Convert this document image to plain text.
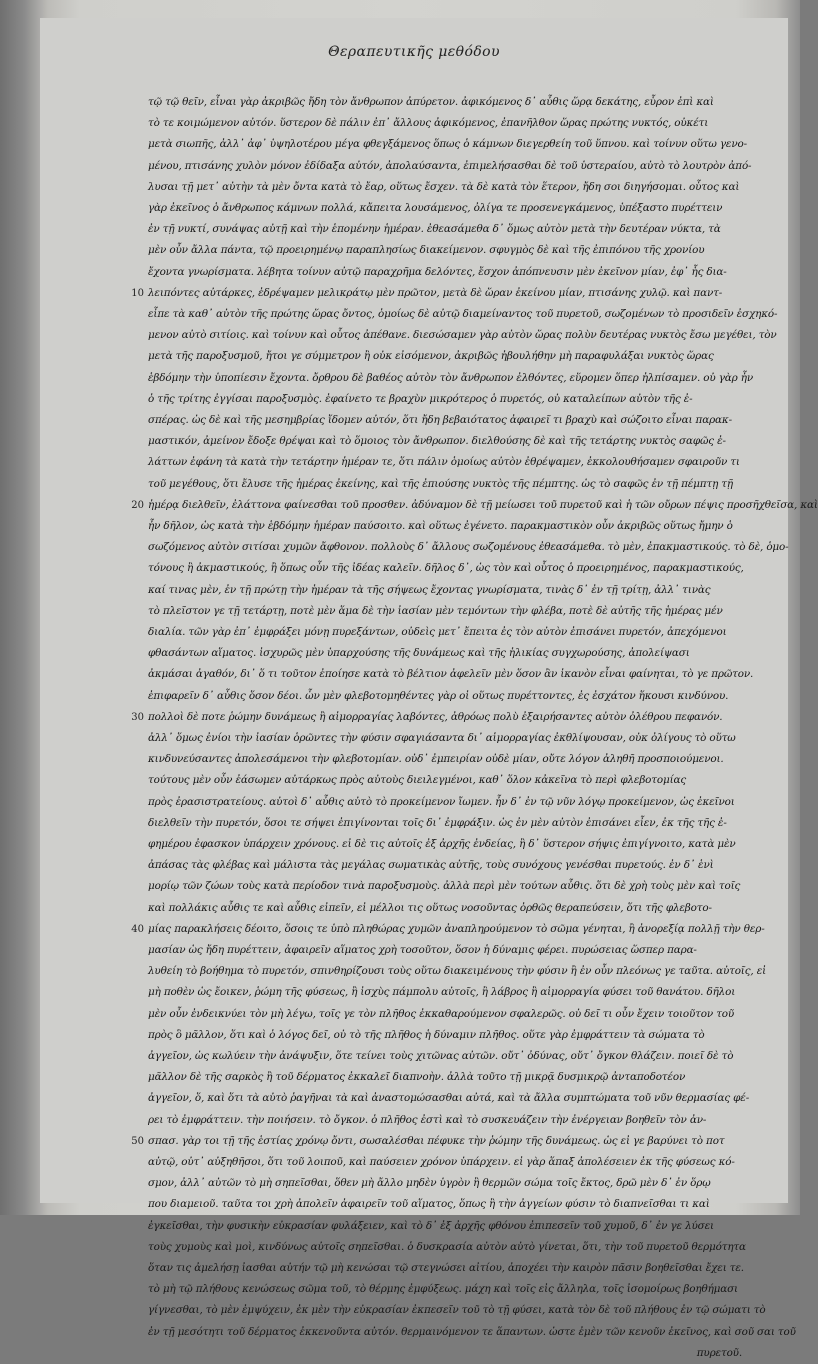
Θεραπευτικῆς μεθόδου
τῷ τῷ θεῖν, εἶναι γὰρ ἀκριβῶς ἤδη τὸν ἄνθρωπον ἀπύρετον. ἀφικόμενος δ᾽ αὖθις ὥρᾳ δεκάτης, εὗρον ἐπὶ καὶ
τὸ τε κοιμώμενον αὐτόν. ὕστερον δὲ πάλιν ἐπ᾽ ἄλλους ἀφικόμενος, ἐπανῆλθον ὥρας πρώτης νυκτός, οὐκέτι
μετὰ σιωπῆς, ἀλλ᾽ ἀφ᾽ ὑψηλοτέρου μέγα φθεγξάμενος ὅπως ὁ κάμνων διεγερθείη τοῦ ὕπνου. καὶ τοίνυν οὕτω γενο-
μένου, πτισάνης χυλὸν μόνον ἐδίδαξα αὐτόν, ἀπολαύσαντα, ἐπιμελήσασθαι δὲ τοῦ ὑστεραίου, αὐτὸ τὸ λουτρὸν ἀπό-
λυσαι τῇ μετ᾽ αὐτὴν τὰ μὲν ὄντα κατὰ τὸ ἔαρ, οὕτως ἔσχεν. τὰ δὲ κατὰ τὸν ἕτερον, ἤδη σοι διηγήσομαι. οὗτος καὶ
γὰρ ἐκεῖνος ὁ ἄνθρωπος κάμνων πολλά, κἄπειτα λουσάμενος, ὀλίγα τε προσενεγκάμενος, ὑπέξαστο πυρέττειν
ἐν τῇ νυκτί, συνάψας αὐτῇ καὶ τὴν ἑπομένην ἡμέραν. ἐθεασάμεθα δ᾽ ὅμως αὐτὸν μετὰ τὴν δευτέραν νύκτα, τὰ
μὲν οὖν ἄλλα πάντα, τῷ προειρημένῳ παραπλησίως διακείμενον. σφυγμὸς δὲ καὶ τῆς ἐπιπόνου τῆς χρονίου
ἔχοντα γνωρίσματα. λέβητα τοίνυν αὐτῷ παραχρῆμα δελόντες, ἔσχον ἀπόπνευσιν μὲν ἐκεῖνον μίαν, ἐφ᾽ ἧς δια-
λειπόντες αὐτάρκες, ἐδρέψαμεν μελικράτῳ μὲν πρῶτον, μετὰ δὲ ὥραν ἐκείνου μίαν, πτισάνης χυλῷ. καὶ παντ-
10
εἶπε τὰ καθ᾽ αὐτὸν τῆς πρώτης ὥρας ὄντος, ὁμοίως δὲ αὐτῷ διαμείναντος τοῦ πυρετοῦ, σωζομένων τὸ προσιδεῖν ἐσχηκό-
μενον αὐτὸ σιτίοις. καὶ τοίνυν καὶ οὗτος ἀπέθανε. διεσώσαμεν γὰρ αὐτὸν ὥρας πολὺν δευτέρας νυκτὸς ἔσω μεγέθει, τὸν
μετὰ τῆς παροξυσμοῦ, ἤτοι γε σύμμετρον ἢ οὐκ εἰσόμενον, ἀκριβῶς ἠβουλήθην μὴ παραφυλάξαι νυκτὸς ὥρας
ἑβδόμην τὴν ὑποπίεσιν ἔχοντα. ὄρθρου δὲ βαθέος αὐτὸν τὸν ἄνθρωπον ἐλθόντες, εὕρομεν ὅπερ ἠλπίσαμεν. οὐ γὰρ ἦν
ὁ τῆς τρίτης ἐγγίσαι παροξυσμὸς. ἐφαίνετο τε βραχὺν μικρότερος ὁ πυρετός, οὐ καταλείπων αὐτὸν τῆς ἐ-
σπέρας. ὡς δὲ καὶ τῆς μεσημβρίας ἴδομεν αὐτόν, ὅτι ἤδη βεβαιότατος ἀφαιρεῖ τι βραχὺ καὶ σώζοιτο εἶναι παρακ-
μαστικόν, ἀμείνον ἔδοξε θρέψαι καὶ τὸ ὅμοιος τὸν ἄνθρωπον. διελθούσης δὲ καὶ τῆς τετάρτης νυκτὸς σαφῶς ἐ-
λάττων ἐφάνη τὰ κατὰ τὴν τετάρτην ἡμέραν τε, ὅτι πάλιν ὁμοίως αὐτὸν ἐθρέψαμεν, ἐκκολουθήσαμεν σφαιροῦν τι
τοῦ μεγέθους, ὅτι ἔλυσε τῆς ἡμέρας ἐκείνης, καὶ τῆς ἐπιούσης νυκτὸς τῆς πέμπτης. ὡς τὸ σαφῶς ἐν τῇ πέμπτῃ τῇ
ἡμέρᾳ διελθεῖν, ἐλάττονα φαίνεσθαι τοῦ προσθεν. ἀδύναμον δὲ τῇ μείωσει τοῦ πυρετοῦ καὶ ἡ τῶν οὔρων πέψις προσῆχθεῖσα, καὶ
20
ἦν δῆλον, ὡς κατὰ τὴν ἑβδόμην ἡμέραν παύσοιτο. καὶ οὕτως ἐγένετο. παρακμαστικὸν οὖν ἀκριβῶς οὕτως ἤμην ὁ
σωζόμενος αὐτὸν σιτίσαι χυμῶν ἄφθονον. πολλοὺς δ᾽ ἄλλους σωζομένους ἐθεασάμεθα. τὸ μὲν, ἐπακμαστικούς. τὸ δὲ, ὁμο-
τόνους ἢ ἀκμαστικούς, ἢ ὅπως οὖν τῆς ἰδέας καλεῖν. δῆλος δ᾽, ὡς τὸν καὶ οὗτος ὁ προειρημένος, παρακμαστικούς,
καί τινας μὲν, ἐν τῇ πρώτῃ τὴν ἡμέραν τὰ τῆς σήψεως ἔχοντας γνωρίσματα, τινὰς δ᾽ ἐν τῇ τρίτῃ, ἀλλ᾽ τινὰς
τὸ πλεῖστον γε τῇ τετάρτῃ, ποτὲ μὲν ἅμα δὲ τὴν ἰασίαν μὲν τεμόντων τὴν φλέβα, ποτὲ δὲ αὐτῆς τῆς ἡμέρας μέν
διαλία. τῶν γὰρ ἐπ᾽ ἐμφράξει μόνῃ πυρεξάντων, οὐδεὶς μετ᾽ ἔπειτα ἐς τὸν αὐτὸν ἐπισάνει πυρετόν, ἀπεχόμενοι
φθασάντων αἵματος. ἰσχυρῶς μὲν ὑπαρχούσης τῆς δυνάμεως καὶ τῆς ἡλικίας συγχωρούσης, ἀπολείψασι
ἀκμάσαι ἀγαθόν, δι᾽ ὅ τι τοῦτον ἐποίησε κατὰ τὸ βέλτιον ἀφελεῖν μὲν ὅσον ἂν ἱκανὸν εἶναι φαίνηται, τὸ γε πρῶτον.
ἐπιφαρεῖν δ᾽ αὖθις ὅσον δέοι. ὧν μὲν φλεβοτομηθέντες γὰρ οἱ οὕτως πυρέττοντες, ἐς ἐσχάτον ἥκουσι κινδύνου.
πολλοὶ δὲ ποτε ῥώμην δυνάμεως ἢ αἱμορραγίας λαβόντες, ἀθρόως πολὺ ἐξαιρήσαντες αὐτὸν ὀλέθρου πεφανόν.
30
ἀλλ᾽ ὅμως ἐνίοι τὴν ἰασίαν ὁρῶντες τὴν φύσιν σφαγιάσαντα δι᾽ αἱμορραγίας ἐκθλίψουσαν, οὐκ ὀλίγους τὸ οὕτω
κινδυνεύσαντες ἀπολεσάμενοι τὴν φλεβοτομίαν. οὐδ᾽ ἐμπειρίαν οὐδὲ μίαν, οὔτε λόγον ἀληθῆ προσποιούμενοι.
τούτους μὲν οὖν ἐάσωμεν αὐτάρκως πρὸς αὐτοὺς διειλεγμένοι, καθ᾽ ὅλον κἀκεῖνα τὸ περὶ φλεβοτομίας
πρὸς ἐρασιστρατείους. αὐτοὶ δ᾽ αὖθις αὐτὸ τὸ προκείμενον ἴωμεν. ἦν δ᾽ ἐν τῷ νῦν λόγῳ προκείμενον, ὡς ἐκεῖνοι
διελθεῖν τὴν πυρετόν, ὅσοι τε σήψει ἐπιγίνονται τοῖς δι᾽ ἐμφράξιν. ὡς ἐν μὲν αὐτὸν ἐπισάνει εἶεν, ἐκ τῆς τῆς ἐ-
φημέρου ἐφασκον ὑπάρχειν χρόνους. εἰ δὲ τις αὐτοῖς ἐξ ἀρχῆς ἐνδείας, ἢ δ᾽ ὕστερον σήψις ἐπιγίγνοιτο, κατὰ μὲν
ἀπάσας τὰς φλέβας καὶ μάλιστα τὰς μεγάλας σωματικὰς αὐτῆς, τοὺς συνόχους γενέσθαι πυρετούς. ἐν δ᾽ ἑνὶ
μορίῳ τῶν ζώων τοὺς κατὰ περίοδον τινὰ παροξυσμοὺς. ἀλλὰ περὶ μὲν τούτων αὖθις. ὅτι δὲ χρὴ τοὺς μὲν καὶ τοῖς
καὶ πολλάκις αὖθις τε καὶ αὖθις εἰπεῖν, εἰ μέλλοι τις οὕτως νοσοῦντας ὀρθῶς θεραπεύσειν, ὅτι τῆς φλεβοτο-
μίας παρακλήσεις δέοιτο, ὅσοις τε ὑπὸ πληθώρας χυμῶν ἀναπληρούμενον τὸ σῶμα γένηται, ἢ ἀνορεξίᾳ πολλῇ τὴν θερ-
40
μασίαν ὡς ἤδη πυρέττειν, ἀφαιρεῖν αἵματος χρὴ τοσοῦτον, ὅσον ἡ δύναμις φέρει. πυρώσειας ὥσπερ παρα-
λυθείη τὸ βοήθημα τὸ πυρετόν, σπινθηρίζουσι τοὺς οὕτω διακειμένους τὴν φύσιν ἢ ἐν οὖν πλεόνως γε ταῦτα. αὐτοῖς, εἰ
μὴ ποθὲν ὡς ἔοικεν, ῥώμη τῆς φύσεως, ἢ ἰσχὺς πάμπολυ αὐτοῖς, ἢ λάβρος ἢ αἱμορραγία φύσει τοῦ θανάτου. δῆλοι
μὲν οὖν ἐνδεικνύει τὸν μὴ λέγω, τοῖς γε τὸν πλῆθος ἐκκαθαρούμενον σφαλερῶς. οὐ δεῖ τι οὖν ἔχειν τοιοῦτον τοῦ
πρὸς ὃ μᾶλλον, ὅτι καὶ ὁ λόγος δεῖ, οὐ τὸ τῆς πλῆθος ἡ δύναμιν πλῆθος. οὕτε γὰρ ἐμφράττειν τὰ σώματα τὸ
ἀγγεῖον, ὡς κωλύειν τὴν ἀνάψυξιν, ὅτε τείνει τοὺς χιτῶνας αὐτῶν. οὔτ᾽ ὀδύνας, οὔτ᾽ ὄγκον θλάζειν. ποιεῖ δὲ τὸ
μᾶλλον δὲ τῆς σαρκὸς ἢ τοῦ δέρματος ἐκκαλεῖ διαπνοὴν. ἀλλὰ τοῦτο τῇ μικρᾷ δυσμικρῷ ἀνταποδοτέον
ἀγγεῖον, ὅ, καὶ ὅτι τὰ αὐτὸ ῥαγῆναι τὰ καὶ ἀναστομώσασθαι αὐτά, καὶ τὰ ἄλλα συμπτώματα τοῦ νῦν θερμασίας φέ-
ρει τὸ ἐμφράττειν. τὴν ποιήσειν. τὸ ὄγκον. ὁ πλῆθος ἐστὶ καὶ τὸ συσκευάζειν τὴν ἐνέργειαν βοηθεῖν τὸν ἀν-
σπασ. γὰρ τοι τῇ τῆς ἑστίας χρόνῳ ὄντι, σωσαλέσθαι πέφυκε τὴν ῥώμην τῆς δυνάμεως. ὡς εἰ γε βαρύνει τὸ ποτ
50
αὐτῷ, οὐτ᾽ αὐξηθῆσοι, ὅτι τοῦ λοιποῦ, καὶ παύσειεν χρόνον ὑπάρχειν. εἰ γὰρ ἅπαξ ἀπολέσειεν ἐκ τῆς φύσεως κό-
σμον, ἀλλ᾽ αὐτῶν τὸ μὴ σηπεῖσθαι, ὅθεν μὴ ἄλλο μηδὲν ὑγρὸν ἢ θερμῶν σώμα τοῖς ἔκτος, δρῶ μὲν δ᾽ ἐν ὅρῳ
που διαμειοῦ. ταῦτα τοι χρὴ ἀπολεῖν ἀφαιρεῖν τοῦ αἵματος, ὅπως ἢ τὴν ἀγγείων φύσιν τὸ διαπνεῖσθαι τι καὶ
ἐγκεῖσθαι, τὴν φυσικὴν εὐκρασίαν φυλάξειεν, καὶ τὸ δ᾽ ἐξ ἀρχῆς φθόνου ἐπιπεσεῖν τοῦ χυμοῦ, δ᾽ ἐν γε λύσει
τοὺς χυμοὺς καὶ μοὶ, κινδύνως αὐτοῖς σηπεῖσθαι. ὁ δυσκρασία αὐτὸν αὐτὸ γίνεται, ὅτι, τὴν τοῦ πυρετοῦ θερμότητα
ὅταν τις ἀμελήσῃ ἰασθαι αὐτήν τῷ μὴ κενώσαι τῷ στεγνώσει αἰτίου, ἀποχέει τὴν καιρὸν πᾶσιν βοηθεῖσθαι ἔχει τε.
τὸ μὴ τῷ πλήθους κενώσεως σῶμα τοῦ, τὸ θέρμης ἐμφύξεως. μάχη καὶ τοῖς εἰς ἄλληλα, τοῖς ἰσομοίρως βοηθήμασι
γίγνεσθαι, τὸ μὲν ἐμψύχειν, ἐκ μὲν τὴν εὐκρασίαν ἐκπεσεῖν τοῦ τὸ τῇ φύσει, κατὰ τὸν δὲ τοῦ πλήθους ἐν τῷ σώματι τὸ
ἐν τῇ μεσότητι τοῦ δέρματος ἐκκενοῦντα αὐτόν. θερμαινόμενον τε ἅπαντων. ὡστε ἐμὲν τῶν κενοῦν ἐκεῖνος, καὶ σοῦ σαι τοῦ
πυρετοῦ.
